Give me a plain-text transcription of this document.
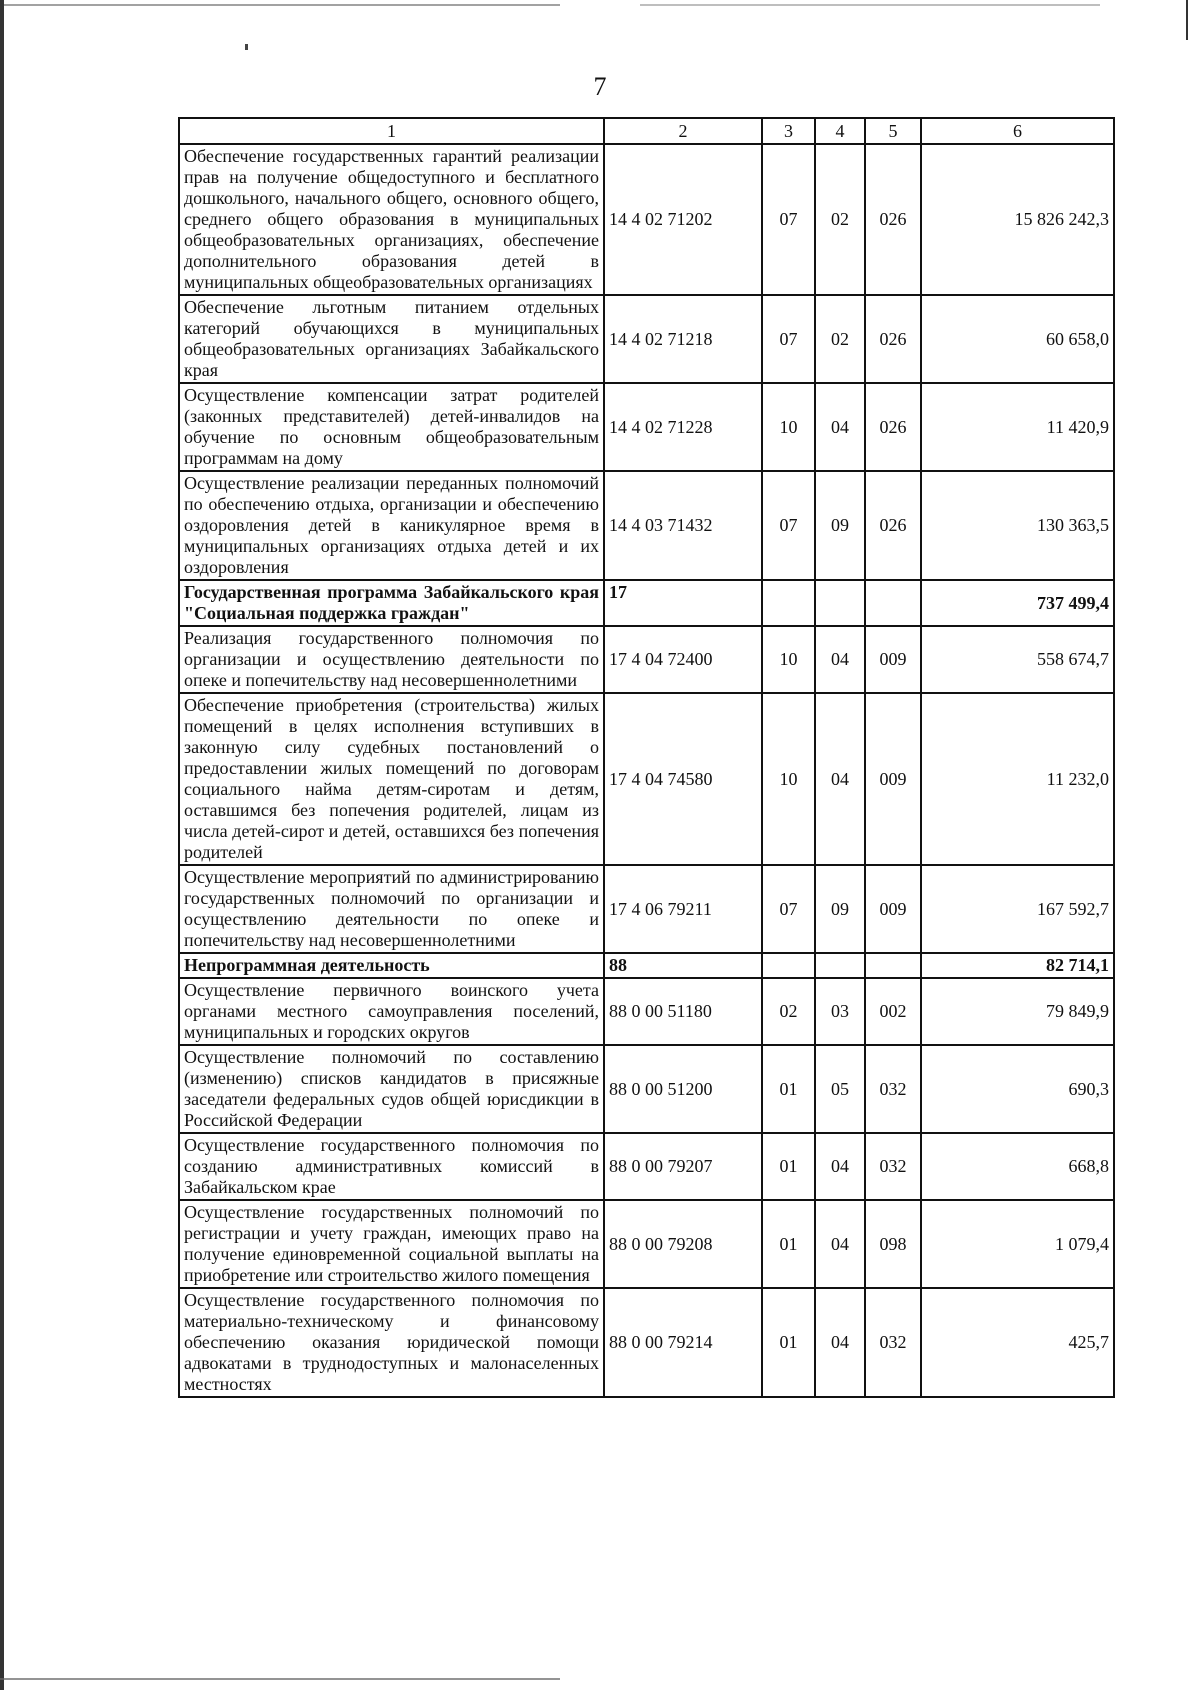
7
1	2	3	4	5	6
Обеспечение государственных гарантий реализации прав на получение общедоступного и бесплатного дошкольного, начального общего, основного общего, среднего общего образования в муниципальных общеобразовательных организациях, обеспечение дополнительного образования детей в муниципальных общеобразовательных организациях	14 4 02 71202	07	02	026	15 826 242,3
Обеспечение льготным питанием отдельных категорий обучающихся в муниципальных общеобразовательных организациях Забайкальского края	14 4 02 71218	07	02	026	60 658,0
Осуществление компенсации затрат родителей (законных представителей) детей-инвалидов на обучение по основным общеобразовательным программам на дому	14 4 02 71228	10	04	026	11 420,9
Осуществление реализации переданных полномочий по обеспечению отдыха, организации и обеспечению оздоровления детей в каникулярное время в муниципальных организациях отдыха детей и их оздоровления	14 4 03 71432	07	09	026	130 363,5
Государственная программа Забайкальского края "Социальная поддержка граждан"	17				737 499,4
Реализация государственного полномочия по организации и осуществлению деятельности по опеке и попечительству над несовершеннолетними	17 4 04 72400	10	04	009	558 674,7
Обеспечение приобретения (строительства) жилых помещений в целях исполнения вступивших в законную силу судебных постановлений о предоставлении жилых помещений по договорам социального найма детям-сиротам и детям, оставшимся без попечения родителей, лицам из числа детей-сирот и детей, оставшихся без попечения родителей	17 4 04 74580	10	04	009	11 232,0
Осуществление мероприятий по администрированию государственных полномочий по организации и осуществлению деятельности по опеке и попечительству над несовершеннолетними	17 4 06 79211	07	09	009	167 592,7
Непрограммная деятельность	88				82 714,1
Осуществление первичного воинского учета органами местного самоуправления поселений, муниципальных и городских округов	88 0 00 51180	02	03	002	79 849,9
Осуществление полномочий по составлению (изменению) списков кандидатов в присяжные заседатели федеральных судов общей юрисдикции в Российской Федерации	88 0 00 51200	01	05	032	690,3
Осуществление государственного полномочия по созданию административных комиссий в Забайкальском крае	88 0 00 79207	01	04	032	668,8
Осуществление государственных полномочий по регистрации и учету граждан, имеющих право на получение единовременной социальной выплаты на приобретение или строительство жилого помещения	88 0 00 79208	01	04	098	1 079,4
Осуществление государственного полномочия по материально-техническому и финансовому обеспечению оказания юридической помощи адвокатами в труднодоступных и малонаселенных местностях	88 0 00 79214	01	04	032	425,7
